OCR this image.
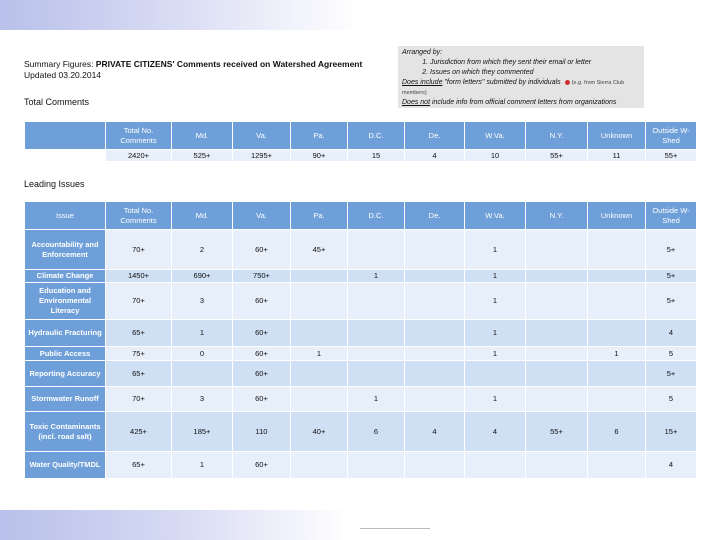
Summary Figures: PRIVATE CITIZENS' Comments received on Watershed Agreement
Updated 03.20.2014
Arranged by:
1. Jurisdiction from which they sent their email or letter
2. Issues on which they commented
Does include "form letters" submitted by individuals (e.g. from Sierra Club members)
Does not include info from official comment letters from organizations
Total Comments
	Total No. Comments	Md.	Va.	Pa.	D.C.	De.	W.Va.	N.Y.	Unknown	Outside W-Shed
	2420+	525+	1295+	90+	15	4	10	55+	11	55+
Leading Issues
Issue	Total No. Comments	Md.	Va.	Pa.	D.C.	De.	W.Va.	N.Y.	Unknown	Outside W-Shed
Accountability and Enforcement	70+	2	60+	45+			1			5+
Climate Change	1450+	690+	750+		1		1			5+
Education and Environmental Literacy	70+	3	60+				1			5+
Hydraulic Fracturing	65+	1	60+				1			4
Public Access	75+	0	60+	1			1		1	5
Reporting Accuracy	65+		60+							5+
Stormwater Runoff	70+	3	60+		1		1			5
Toxic Contaminants (incl. road salt)	425+	185+	110	40+	6	4	4	55+	6	15+
Water Quality/TMDL	65+	1	60+							4
